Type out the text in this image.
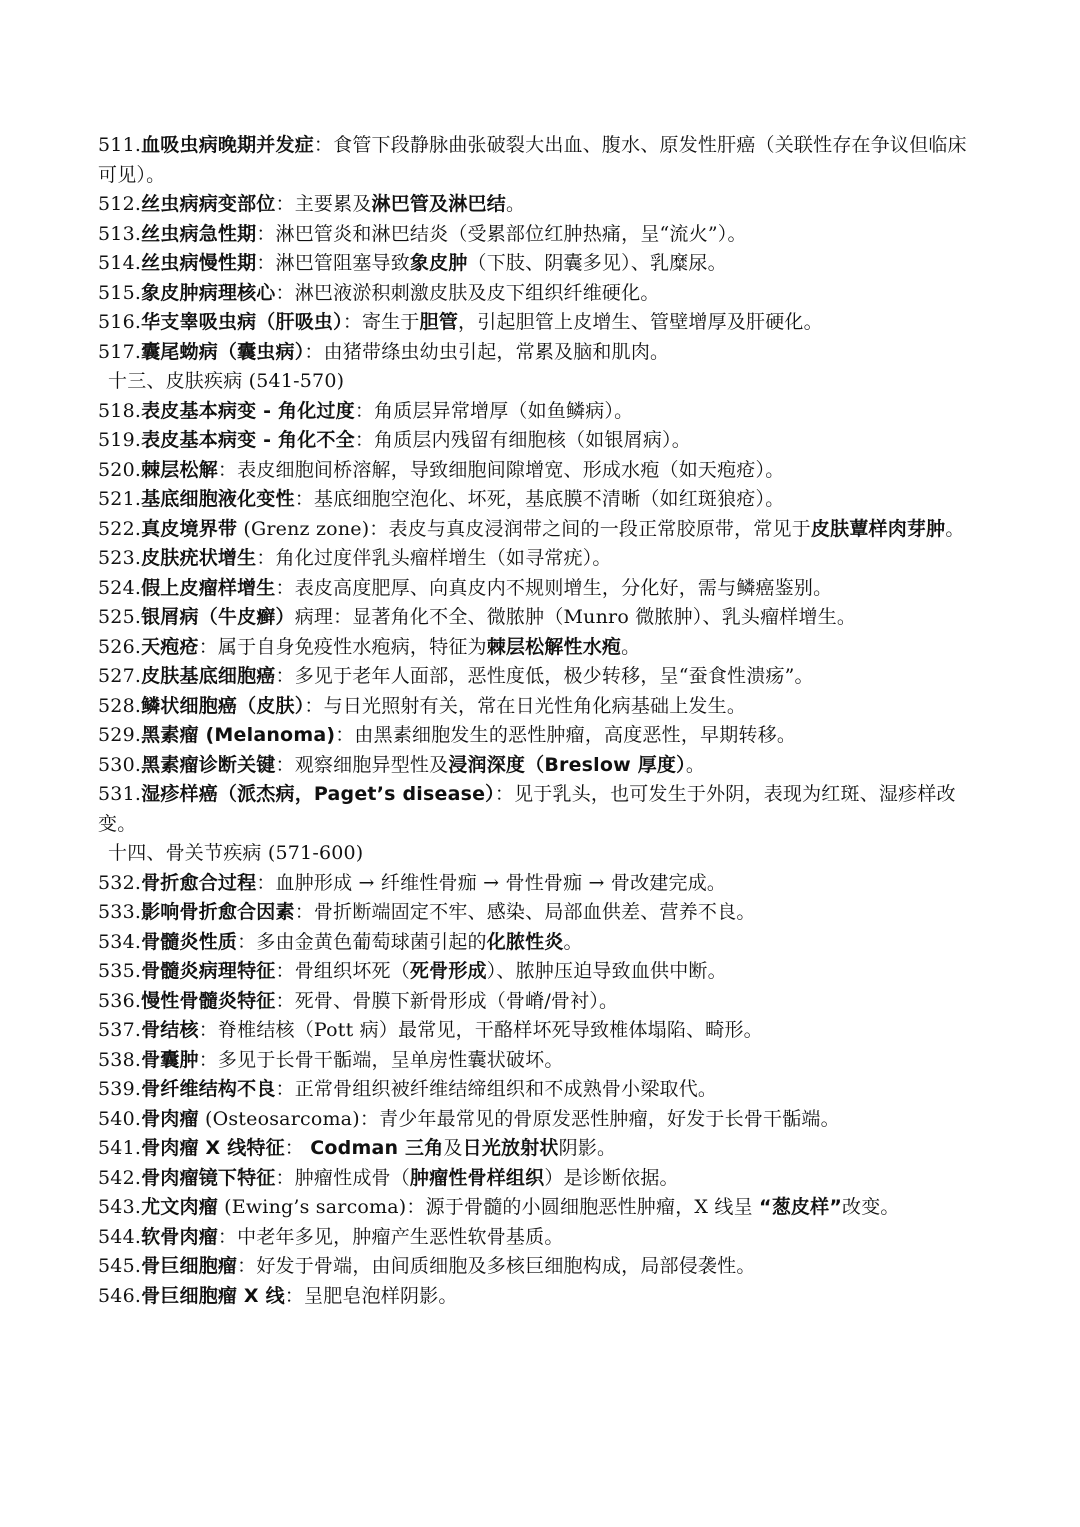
511.血吸虫病晚期并发症：食管下段静脉曲张破裂大出血、腹水、原发性肝癌（关联性存在争议但临床可见）。
512.丝虫病病变部位：主要累及淋巴管及淋巴结。
513.丝虫病急性期：淋巴管炎和淋巴结炎（受累部位红肿热痛，呈“流火”）。
514.丝虫病慢性期：淋巴管阻塞导致象皮肿（下肢、阴囊多见）、乳糜尿。
515.象皮肿病理核心：淋巴液淤积刺激皮肤及皮下组织纤维硬化。
516.华支睾吸虫病（肝吸虫）：寄生于胆管，引起胆管上皮增生、管壁增厚及肝硬化。
517.囊尾蚴病（囊虫病）：由猪带绦虫幼虫引起，常累及脑和肌肉。
十三、皮肤疾病 (541-570)
518.表皮基本病变 - 角化过度：角质层异常增厚（如鱼鳞病）。
519.表皮基本病变 - 角化不全：角质层内残留有细胞核（如银屑病）。
520.棘层松解：表皮细胞间桥溶解，导致细胞间隙增宽、形成水疱（如天疱疮）。
521.基底细胞液化变性：基底细胞空泡化、坏死，基底膜不清晰（如红斑狼疮）。
522.真皮境界带 (Grenz zone)：表皮与真皮浸润带之间的一段正常胶原带，常见于皮肤蕈样肉芽肿。
523.皮肤疣状增生：角化过度伴乳头瘤样增生（如寻常疣）。
524.假上皮瘤样增生：表皮高度肥厚、向真皮内不规则增生，分化好，需与鳞癌鉴别。
525.银屑病（牛皮癣）病理：显著角化不全、微脓肿（Munro 微脓肿）、乳头瘤样增生。
526.天疱疮：属于自身免疫性水疱病，特征为棘层松解性水疱。
527.皮肤基底细胞癌：多见于老年人面部，恶性度低，极少转移，呈“蚕食性溃疡”。
528.鳞状细胞癌（皮肤）：与日光照射有关，常在日光性角化病基础上发生。
529.黑素瘤 (Melanoma)：由黑素细胞发生的恶性肿瘤，高度恶性，早期转移。
530.黑素瘤诊断关键：观察细胞异型性及浸润深度（Breslow 厚度）。
531.湿疹样癌（派杰病，Paget’s disease）：见于乳头，也可发生于外阴，表现为红斑、湿疹样改变。
十四、骨关节疾病 (571-600)
532.骨折愈合过程：血肿形成 → 纤维性骨痂 → 骨性骨痂 → 骨改建完成。
533.影响骨折愈合因素：骨折断端固定不牢、感染、局部血供差、营养不良。
534.骨髓炎性质：多由金黄色葡萄球菌引起的化脓性炎。
535.骨髓炎病理特征：骨组织坏死（死骨形成）、脓肿压迫导致血供中断。
536.慢性骨髓炎特征：死骨、骨膜下新骨形成（骨嵴/骨衬）。
537.骨结核：脊椎结核（Pott 病）最常见，干酪样坏死导致椎体塌陷、畸形。
538.骨囊肿：多见于长骨干骺端，呈单房性囊状破坏。
539.骨纤维结构不良：正常骨组织被纤维结缔组织和不成熟骨小梁取代。
540.骨肉瘤 (Osteosarcoma)：青少年最常见的骨原发恶性肿瘤，好发于长骨干骺端。
541.骨肉瘤 X 线特征： Codman 三角及日光放射状阴影。
542.骨肉瘤镜下特征：肿瘤性成骨（肿瘤性骨样组织）是诊断依据。
543.尤文肉瘤 (Ewing’s sarcoma)：源于骨髓的小圆细胞恶性肿瘤，X 线呈 “葱皮样”改变。
544.软骨肉瘤：中老年多见，肿瘤产生恶性软骨基质。
545.骨巨细胞瘤：好发于骨端，由间质细胞及多核巨细胞构成，局部侵袭性。
546.骨巨细胞瘤 X 线：呈肥皂泡样阴影。
